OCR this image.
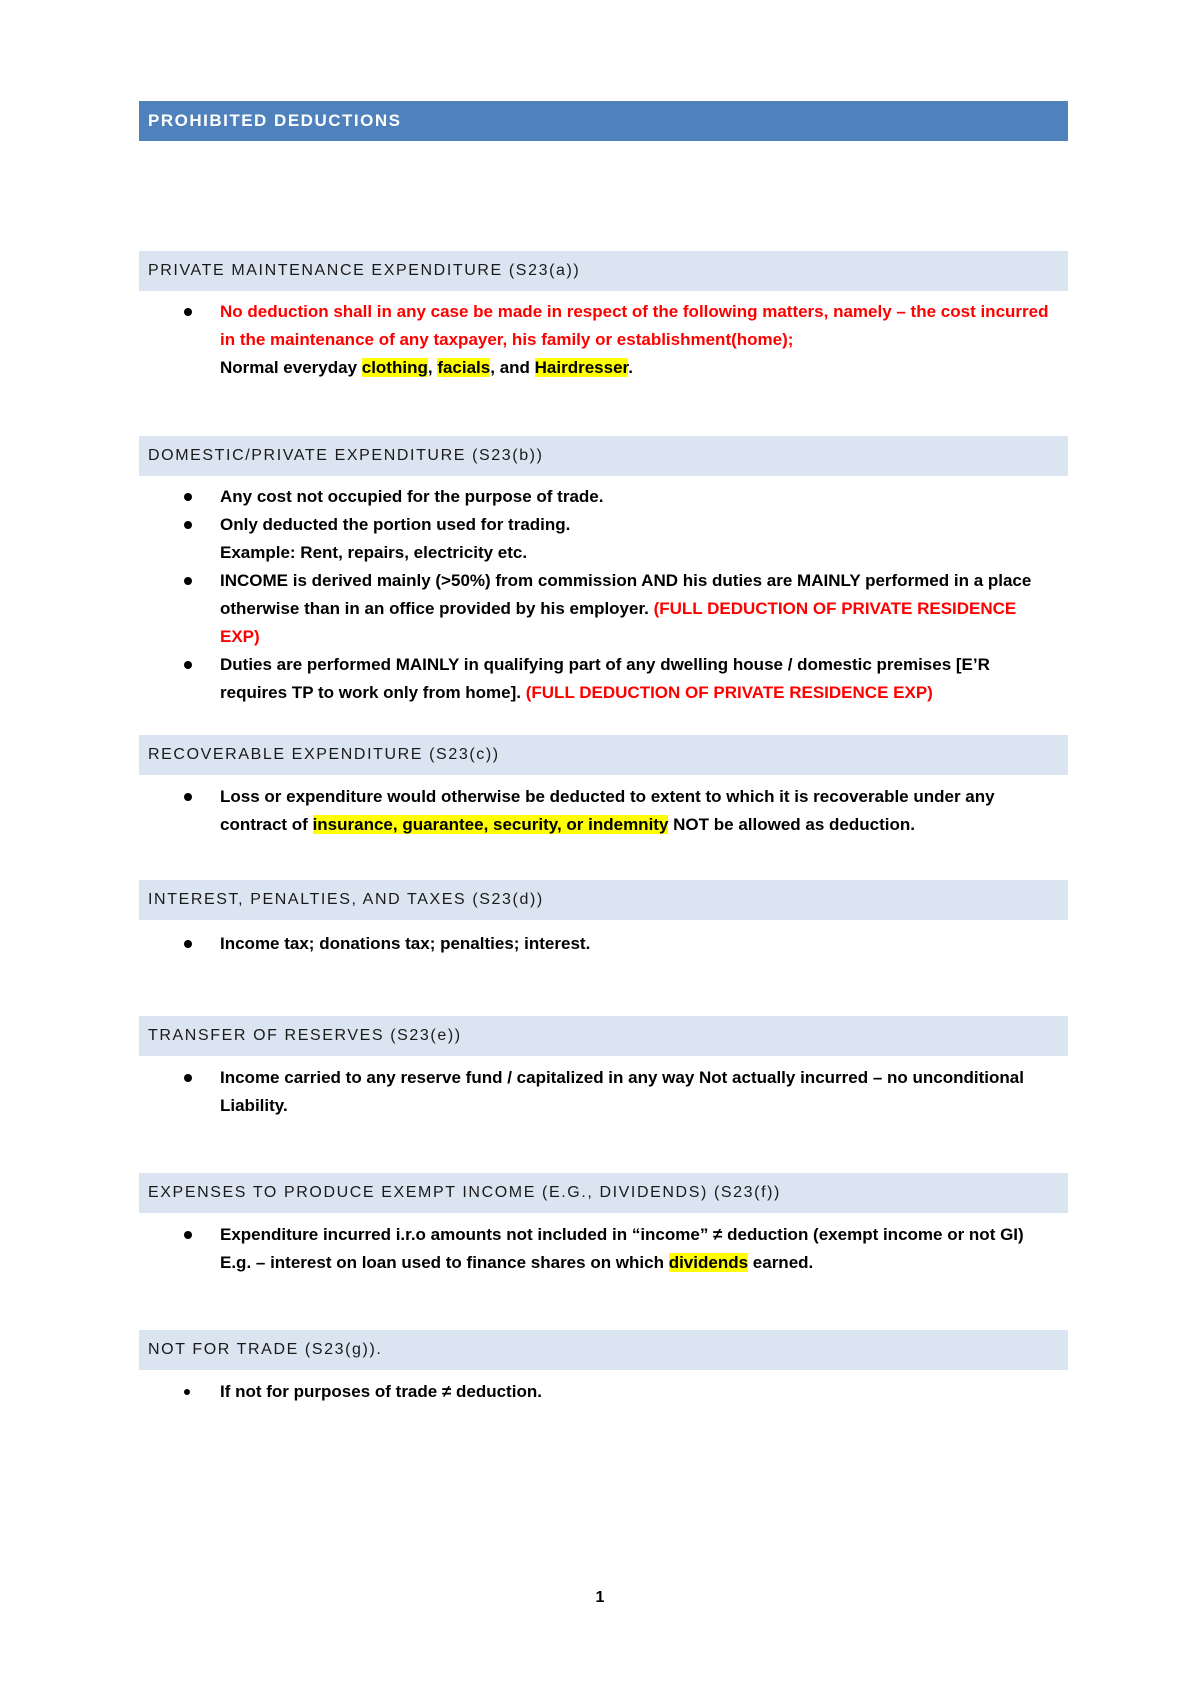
PROHIBITED DEDUCTIONS
PRIVATE MAINTENANCE EXPENDITURE (S23(a))
No deduction shall in any case be made in respect of the following matters, namely – the cost incurred in the maintenance of any taxpayer, his family or establishment(home);
Normal everyday clothing, facials, and Hairdresser.
DOMESTIC/PRIVATE EXPENDITURE (S23(b))
Any cost not occupied for the purpose of trade.
Only deducted the portion used for trading.
Example: Rent, repairs, electricity etc.
INCOME is derived mainly (>50%) from commission AND his duties are MAINLY performed in a place otherwise than in an office provided by his employer. (FULL DEDUCTION OF PRIVATE RESIDENCE EXP)
Duties are performed MAINLY in qualifying part of any dwelling house / domestic premises [E’R requires TP to work only from home]. (FULL DEDUCTION OF PRIVATE RESIDENCE EXP)
RECOVERABLE EXPENDITURE (S23(c))
Loss or expenditure would otherwise be deducted to extent to which it is recoverable under any contract of insurance, guarantee, security, or indemnity NOT be allowed as deduction.
INTEREST, PENALTIES, AND TAXES (S23(d))
Income tax; donations tax; penalties; interest.
TRANSFER OF RESERVES (S23(e))
Income carried to any reserve fund / capitalized in any way Not actually incurred – no unconditional Liability.
EXPENSES TO PRODUCE EXEMPT INCOME (E.G., DIVIDENDS) (S23(f))
Expenditure incurred i.r.o amounts not included in “income” ≠ deduction (exempt income or not GI)
E.g. – interest on loan used to finance shares on which dividends earned.
NOT FOR TRADE (S23(g)).
If not for purposes of trade ≠ deduction.
1
